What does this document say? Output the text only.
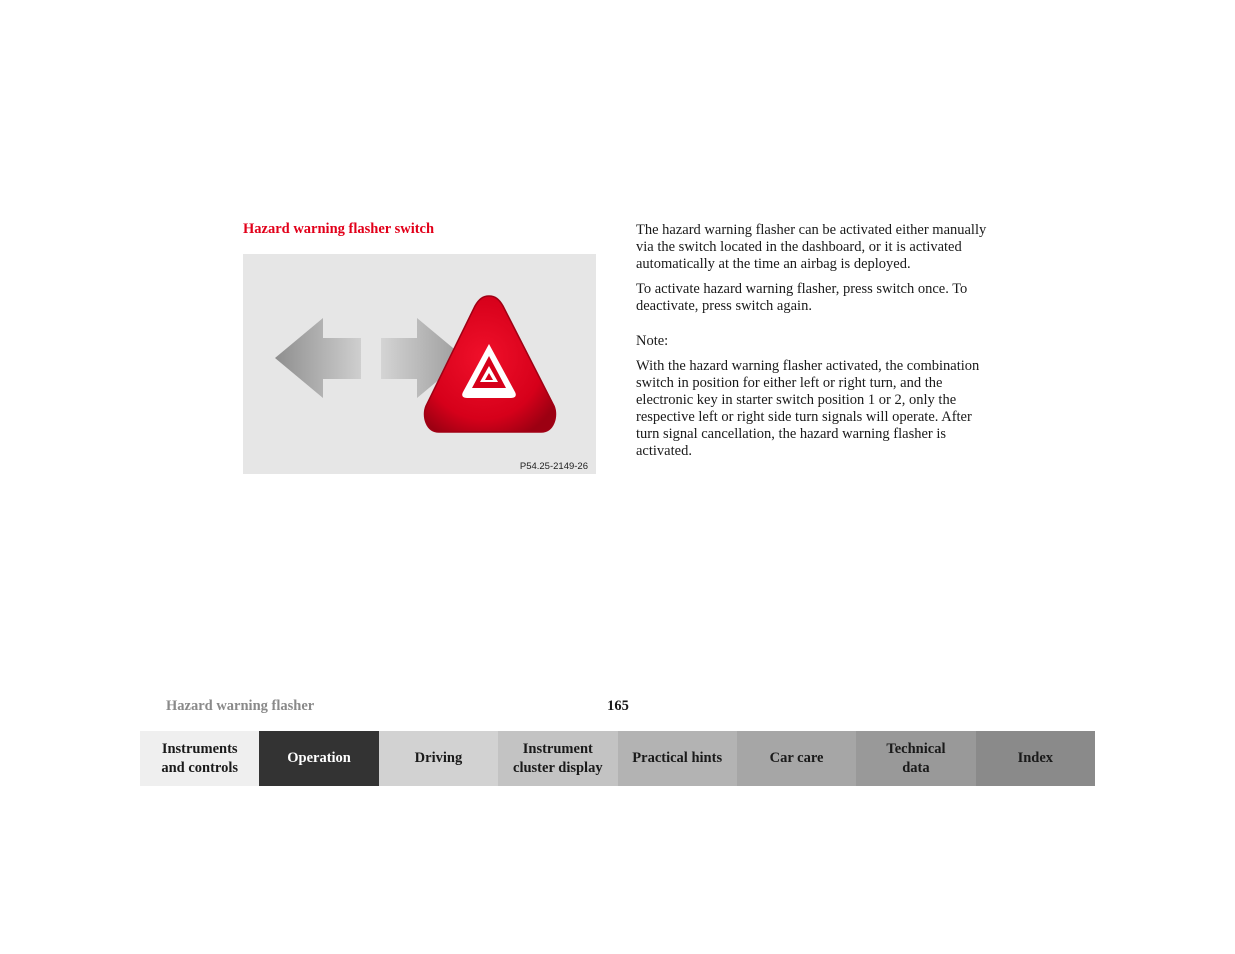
Hazard warning flasher switch
P54.25-2149-26

The hazard warning flasher can be activated either manually via the switch located in the dashboard, or it is activated automatically at the time an airbag is deployed.

To activate hazard warning flasher, press switch once. To deactivate, press switch again.

Note:

With the hazard warning flasher activated, the combination switch in position for either left or right turn, and the electronic key in starter switch position 1 or 2, only the respective left or right side turn signals will operate. After turn signal cancellation, the hazard warning flasher is activated.

Hazard warning flasher	165
Instruments
and controls
Operation	Driving
Instrument
cluster display
Practical hints	Car care
Technical
data
Index
